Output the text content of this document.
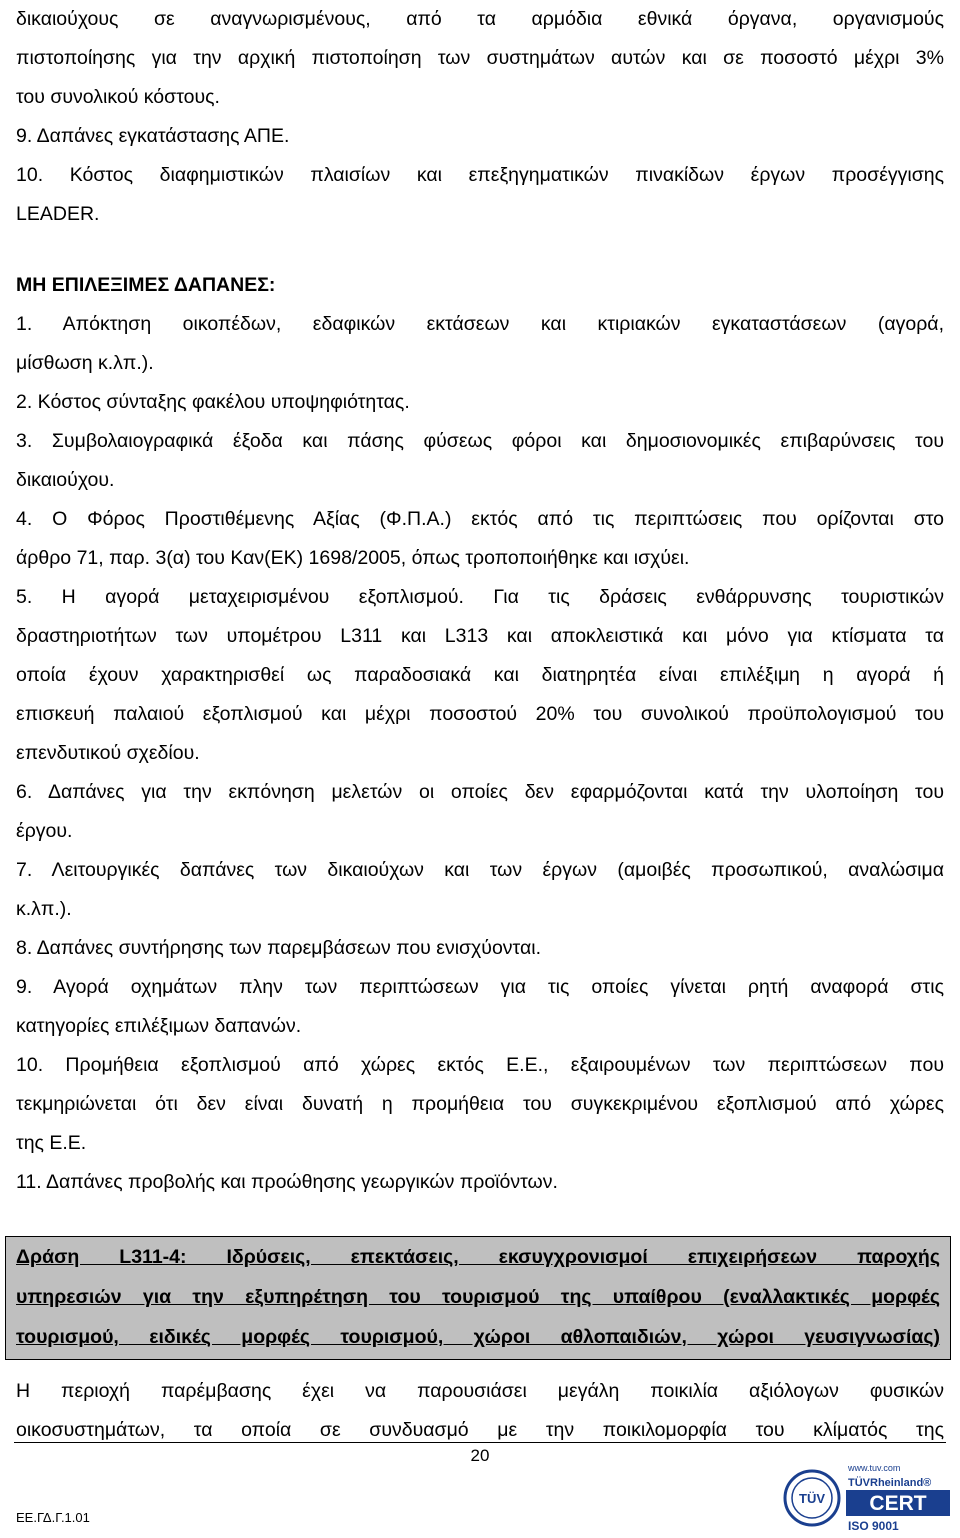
δικαιούχους σε αναγνωρισμένους, από τα αρμόδια εθνικά όργανα, οργανισμούς
πιστοποίησης για την αρχική πιστοποίηση των συστημάτων αυτών και σε ποσοστό μέχρι 3%
του συνολικού κόστους.
9. Δαπάνες εγκατάστασης ΑΠΕ.
10. Κόστος διαφημιστικών πλαισίων και επεξηγηματικών πινακίδων έργων προσέγγισης
LEADER.
ΜΗ ΕΠΙΛΕΞΙΜΕΣ ΔΑΠΑΝΕΣ:
1. Απόκτηση οικοπέδων, εδαφικών εκτάσεων και κτιριακών εγκαταστάσεων (αγορά,
μίσθωση κ.λπ.).
2. Κόστος σύνταξης φακέλου υποψηφιότητας.
3. Συμβολαιογραφικά έξοδα και πάσης φύσεως φόροι και δημοσιονομικές επιβαρύνσεις του
δικαιούχου.
4. Ο Φόρος Προστιθέμενης Αξίας (Φ.Π.Α.) εκτός από τις περιπτώσεις που ορίζονται στο
άρθρο 71, παρ. 3(α) του Καν(ΕΚ) 1698/2005, όπως τροποποιήθηκε και ισχύει.
5. Η αγορά μεταχειρισμένου εξοπλισμού. Για τις δράσεις ενθάρρυνσης τουριστικών
δραστηριοτήτων των υπομέτρου L311 και L313 και αποκλειστικά και μόνο για κτίσματα τα
οποία έχουν χαρακτηρισθεί ως παραδοσιακά και διατηρητέα είναι επιλέξιμη η αγορά ή
επισκευή παλαιού εξοπλισμού και μέχρι ποσοστού 20% του συνολικού προϋπολογισμού του
επενδυτικού σχεδίου.
6. Δαπάνες για την εκπόνηση μελετών οι οποίες δεν εφαρμόζονται κατά την υλοποίηση του
έργου.
7. Λειτουργικές δαπάνες των δικαιούχων και των έργων (αμοιβές προσωπικού, αναλώσιμα
κ.λπ.).
8. Δαπάνες συντήρησης των παρεμβάσεων που ενισχύονται.
9. Αγορά οχημάτων πλην των περιπτώσεων για τις οποίες γίνεται ρητή αναφορά στις
κατηγορίες επιλέξιμων δαπανών.
10. Προμήθεια εξοπλισμού από χώρες εκτός Ε.Ε., εξαιρουμένων των περιπτώσεων που
τεκμηριώνεται ότι δεν είναι δυνατή η προμήθεια του συγκεκριμένου εξοπλισμού από χώρες
της Ε.Ε.
11. Δαπάνες προβολής και προώθησης γεωργικών προϊόντων.
Δράση L311-4: Ιδρύσεις, επεκτάσεις, εκσυγχρονισμοί επιχειρήσεων παροχής
υπηρεσιών για την εξυπηρέτηση του τουρισμού της υπαίθρου (εναλλακτικές μορφές
τουρισμού, ειδικές μορφές τουρισμού, χώροι αθλοπαιδιών, χώροι γευσιγνωσίας)
Η περιοχή παρέμβασης έχει να παρουσιάσει μεγάλη ποικιλία αξιόλογων φυσικών
οικοσυστημάτων, τα οποία σε συνδυασμό με την ποικιλομορφία του κλίματός της
20
ΕΕ.ΓΔ.Γ.1.01
TÜV
www.tuv.com
TÜVRheinland®
CERT
ISO 9001
